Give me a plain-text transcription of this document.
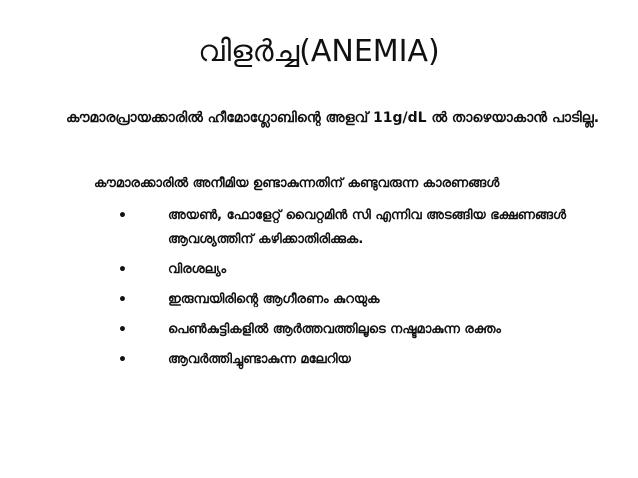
വിളർച്ച(ANEMIA)
കൗമാരപ്രായക്കാരിൽ ഹീമോഗ്ലോബിന്റെ അളവ് 11g/dL ൽ താഴെയാകാൻ പാടില്ല.
കൗമാരക്കാരിൽ അനീമിയ ഉണ്ടാകുന്നതിന് കണ്ടുവരുന്ന കാരണങ്ങൾ
•	അയൺ, ഫോളേറ്റ് വൈറ്റമിൻ സി എന്നിവ അടങ്ങിയ ഭക്ഷണങ്ങൾ ആവശ്യത്തിന് കഴിക്കാതിരിക്കുക.
•	വിരശല്യം
•	ഇരുമ്പയിരിന്റെ ആഗീരണം കുറയുക
•	പെൺകുട്ടികളിൽ ആർത്തവത്തിലൂടെ നഷ്ടമാകുന്ന രക്തം
•	ആവർത്തിച്ചുണ്ടാകുന്ന മലേറിയ
